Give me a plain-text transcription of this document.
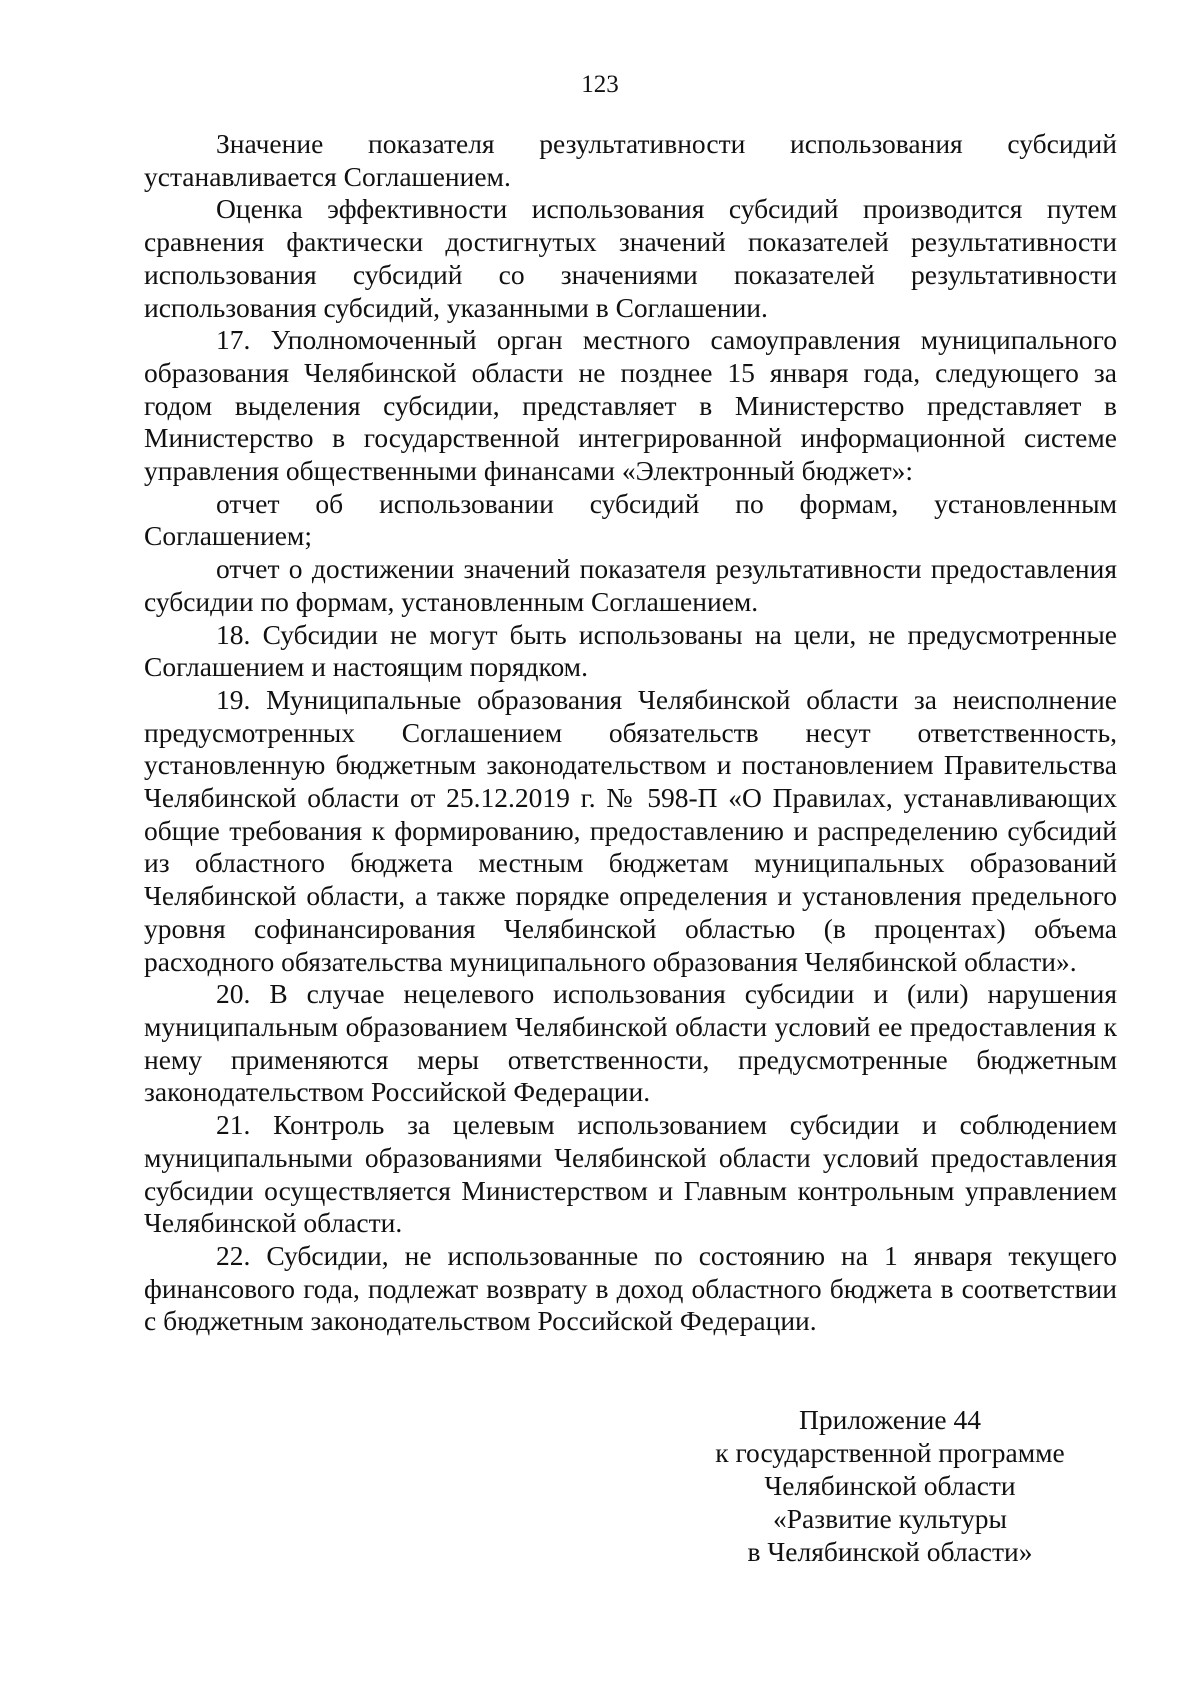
123

Значение показателя результативности использования субсидий устанавливается Соглашением.

Оценка эффективности использования субсидий производится путем сравнения фактически достигнутых значений показателей результативности использования субсидий со значениями показателей результативности использования субсидий, указанными в Соглашении.

17. Уполномоченный орган местного самоуправления муниципального образования Челябинской области не позднее 15 января года, следующего за годом выделения субсидии, представляет в Министерство представляет в Министерство в государственной интегрированной информационной системе управления общественными финансами «Электронный бюджет»:

отчет об использовании субсидий по формам, установленным Соглашением;

отчет о достижении значений показателя результативности предоставления субсидии по формам, установленным Соглашением.

18. Субсидии не могут быть использованы на цели, не предусмотренные Соглашением и настоящим порядком.

19. Муниципальные образования Челябинской области за неисполнение предусмотренных Соглашением обязательств несут ответственность, установленную бюджетным законодательством и постановлением Правительства Челябинской области от 25.12.2019 г. № 598-П «О Правилах, устанавливающих общие требования к формированию, предоставлению и распределению субсидий из областного бюджета местным бюджетам муниципальных образований Челябинской области, а также порядке определения и установления предельного уровня софинансирования Челябинской областью (в процентах) объема расходного обязательства муниципального образования Челябинской области».

20. В случае нецелевого использования субсидии и (или) нарушения муниципальным образованием Челябинской области условий ее предоставления к нему применяются меры ответственности, предусмотренные бюджетным законодательством Российской Федерации.

21. Контроль за целевым использованием субсидии и соблюдением муниципальными образованиями Челябинской области условий предоставления субсидии осуществляется Министерством и Главным контрольным управлением Челябинской области.

22. Субсидии, не использованные по состоянию на 1 января текущего финансового года, подлежат возврату в доход областного бюджета в соответствии с бюджетным законодательством Российской Федерации.

Приложение 44
к государственной программе
Челябинской области
«Развитие культуры
в Челябинской области»
